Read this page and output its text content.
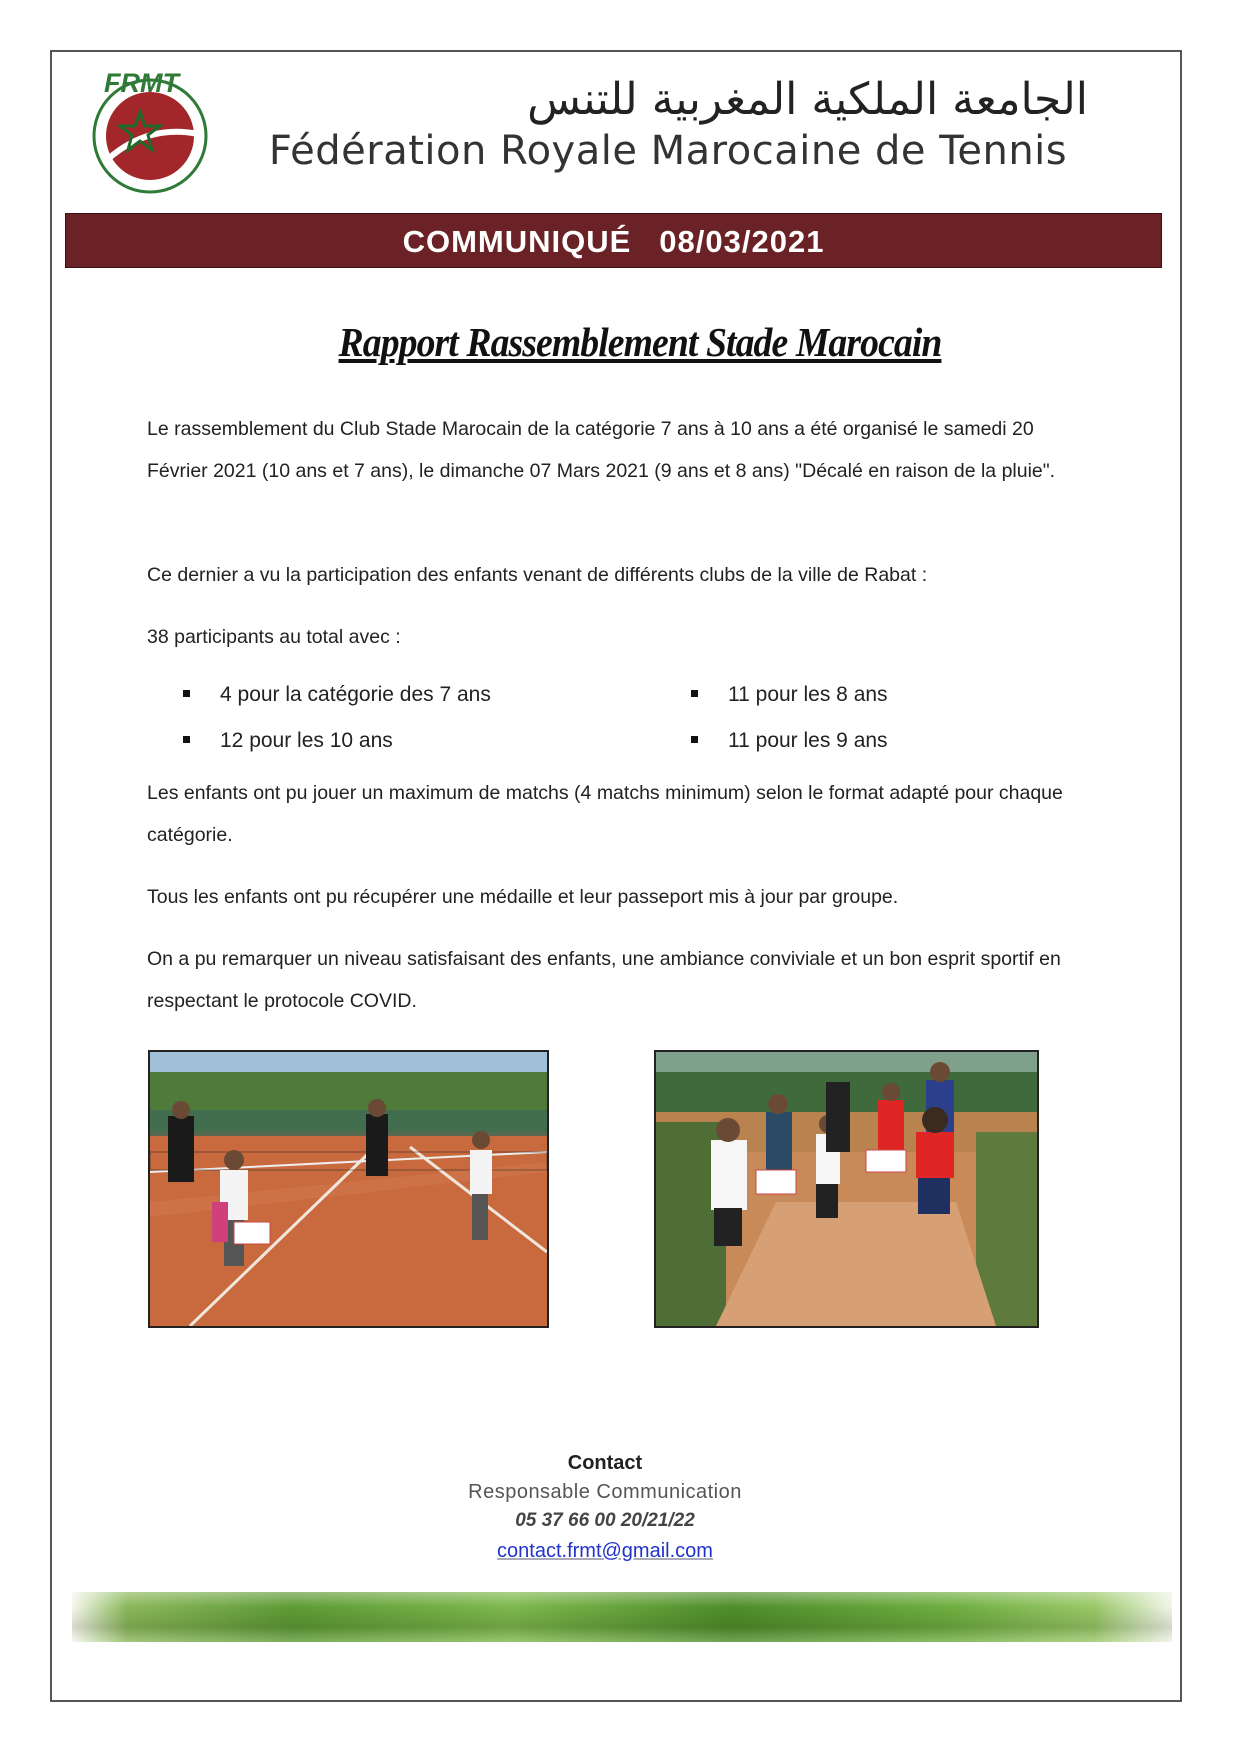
FRMT	الجامعة الملكية المغربية للتنس
Fédération Royale Marocaine de Tennis
COMMUNIQUÉ 08/03/2021
Rapport Rassemblement Stade Marocain

Le rassemblement du Club Stade Marocain de la catégorie 7 ans à 10 ans a été organisé le samedi 20 Février 2021 (10 ans et 7 ans), le dimanche 07 Mars 2021 (9 ans et 8 ans) "Décalé en raison de la pluie".

Ce dernier a vu la participation des enfants venant de différents clubs de la ville de Rabat :

38 participants au total avec :

4 pour la catégorie des 7 ans	11 pour les 8 ans
12 pour les 10 ans	11 pour les 9 ans

Les enfants ont pu jouer un maximum de matchs (4 matchs minimum) selon le format adapté pour chaque catégorie.

Tous les enfants ont pu récupérer une médaille et leur passeport mis à jour par groupe.

On a pu remarquer un niveau satisfaisant des enfants, une ambiance conviviale et un bon esprit sportif en respectant le protocole COVID.

Contact
Responsable Communication
05 37 66 00 20/21/22
contact.frmt@gmail.com
